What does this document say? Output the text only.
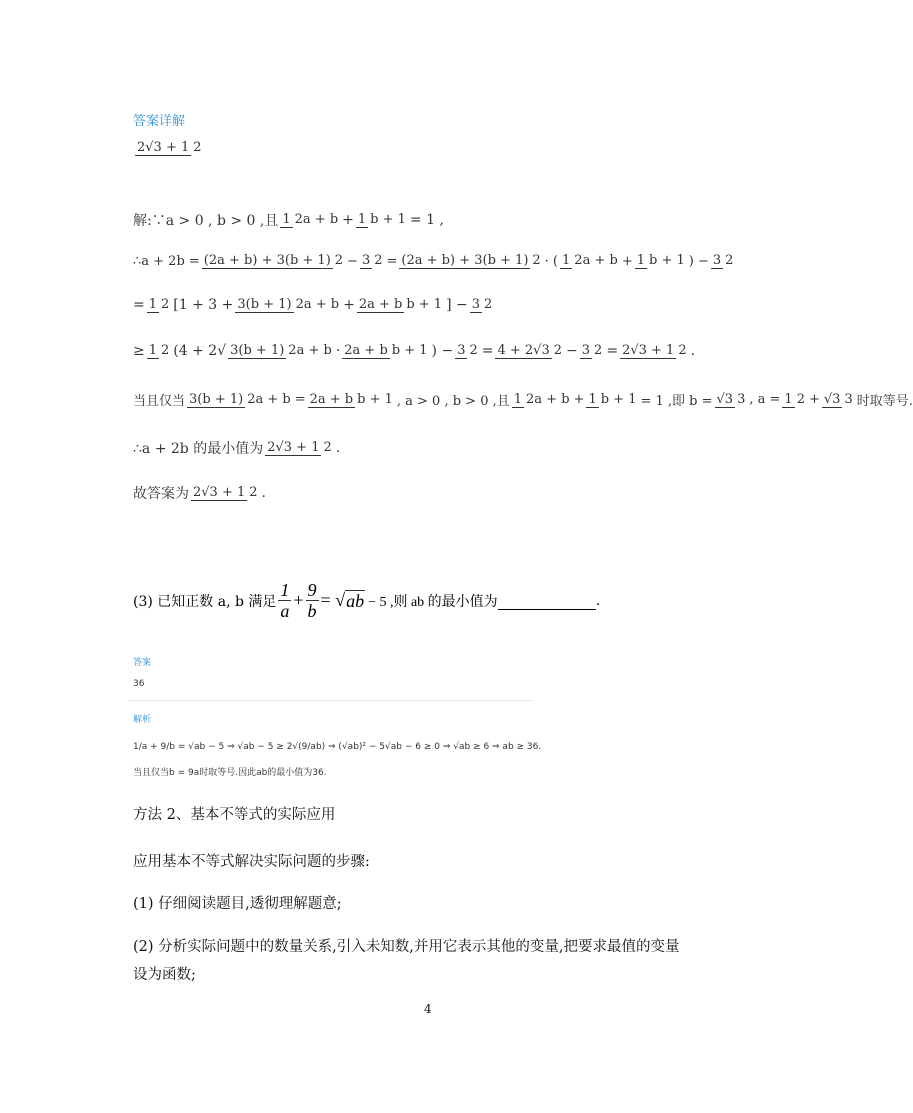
答案详解
2√3 + 1 2
解:∵a > 0 , b > 0 ,且 1 2a + b + 1 b + 1 = 1 ,
∴a + 2b = (2a + b) + 3(b + 1) 2 − 3 2 = (2a + b) + 3(b + 1) 2 · ( 1 2a + b + 1 b + 1 ) − 3 2
= 1 2 [1 + 3 + 3(b + 1) 2a + b + 2a + b b + 1 ] − 3 2
≥ 1 2 (4 + 2√ 3(b + 1) 2a + b · 2a + b b + 1 ) − 3 2 = 4 + 2√3 2 − 3 2 = 2√3 + 1 2 .
当且仅当 3(b + 1) 2a + b = 2a + b b + 1 , a > 0 , b > 0 ,且 1 2a + b + 1 b + 1 = 1 ,即 b = √3 3 , a = 1 2 + √3 3 时取等号.
∴a + 2b 的最小值为 2√3 + 1 2 .
故答案为 2√3 + 1 2 .
(3) 已知正数 a, b 满足 $\frac{1}{a} + \frac{9}{b}$ = √ ab − 5 ,则 ab 的最小值为	.
答案
36
解析
1/a + 9/b = √ab − 5 ⇒ √ab − 5 ≥ 2√(9/ab) ⇒ (√ab)² − 5√ab − 6 ≥ 0 ⇒ √ab ≥ 6 ⇒ ab ≥ 36.
当且仅当b = 9a时取等号.因此ab的最小值为36.
方法 2、基本不等式的实际应用
应用基本不等式解决实际问题的步骤:
(1) 仔细阅读题目,透彻理解题意;
(2) 分析实际问题中的数量关系,引入未知数,并用它表示其他的变量,把要求最值的变量
设为函数;
4
